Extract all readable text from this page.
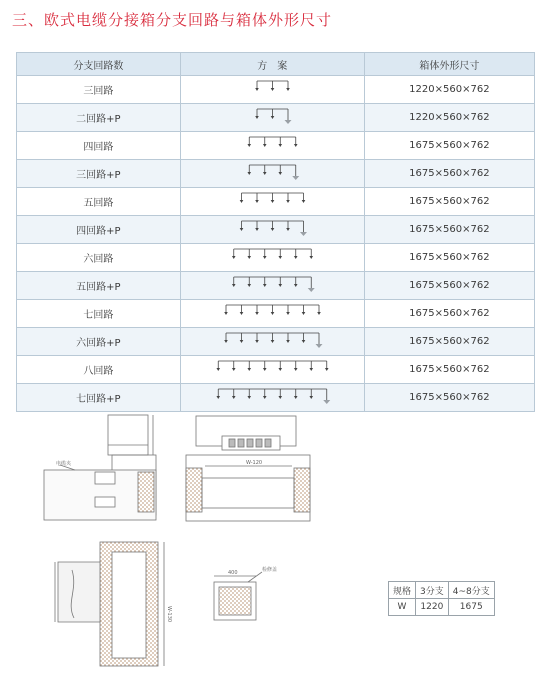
三、欧式电缆分接箱分支回路与箱体外形尺寸
分支回路数	方　案	箱体外形尺寸
三回路		1220×560×762
二回路+P		1220×560×762
四回路		1675×560×762
三回路+P		1675×560×762
五回路		1675×560×762
四回路+P		1675×560×762
六回路		1675×560×762
五回路+P		1675×560×762
七回路		1675×560×762
六回路+P		1675×560×762
八回路		1675×560×762
七回路+P		1675×560×762
电缆夹	W-120
W-130
400	检修盖
规格	3分支	4~8分支
W	1220	1675
